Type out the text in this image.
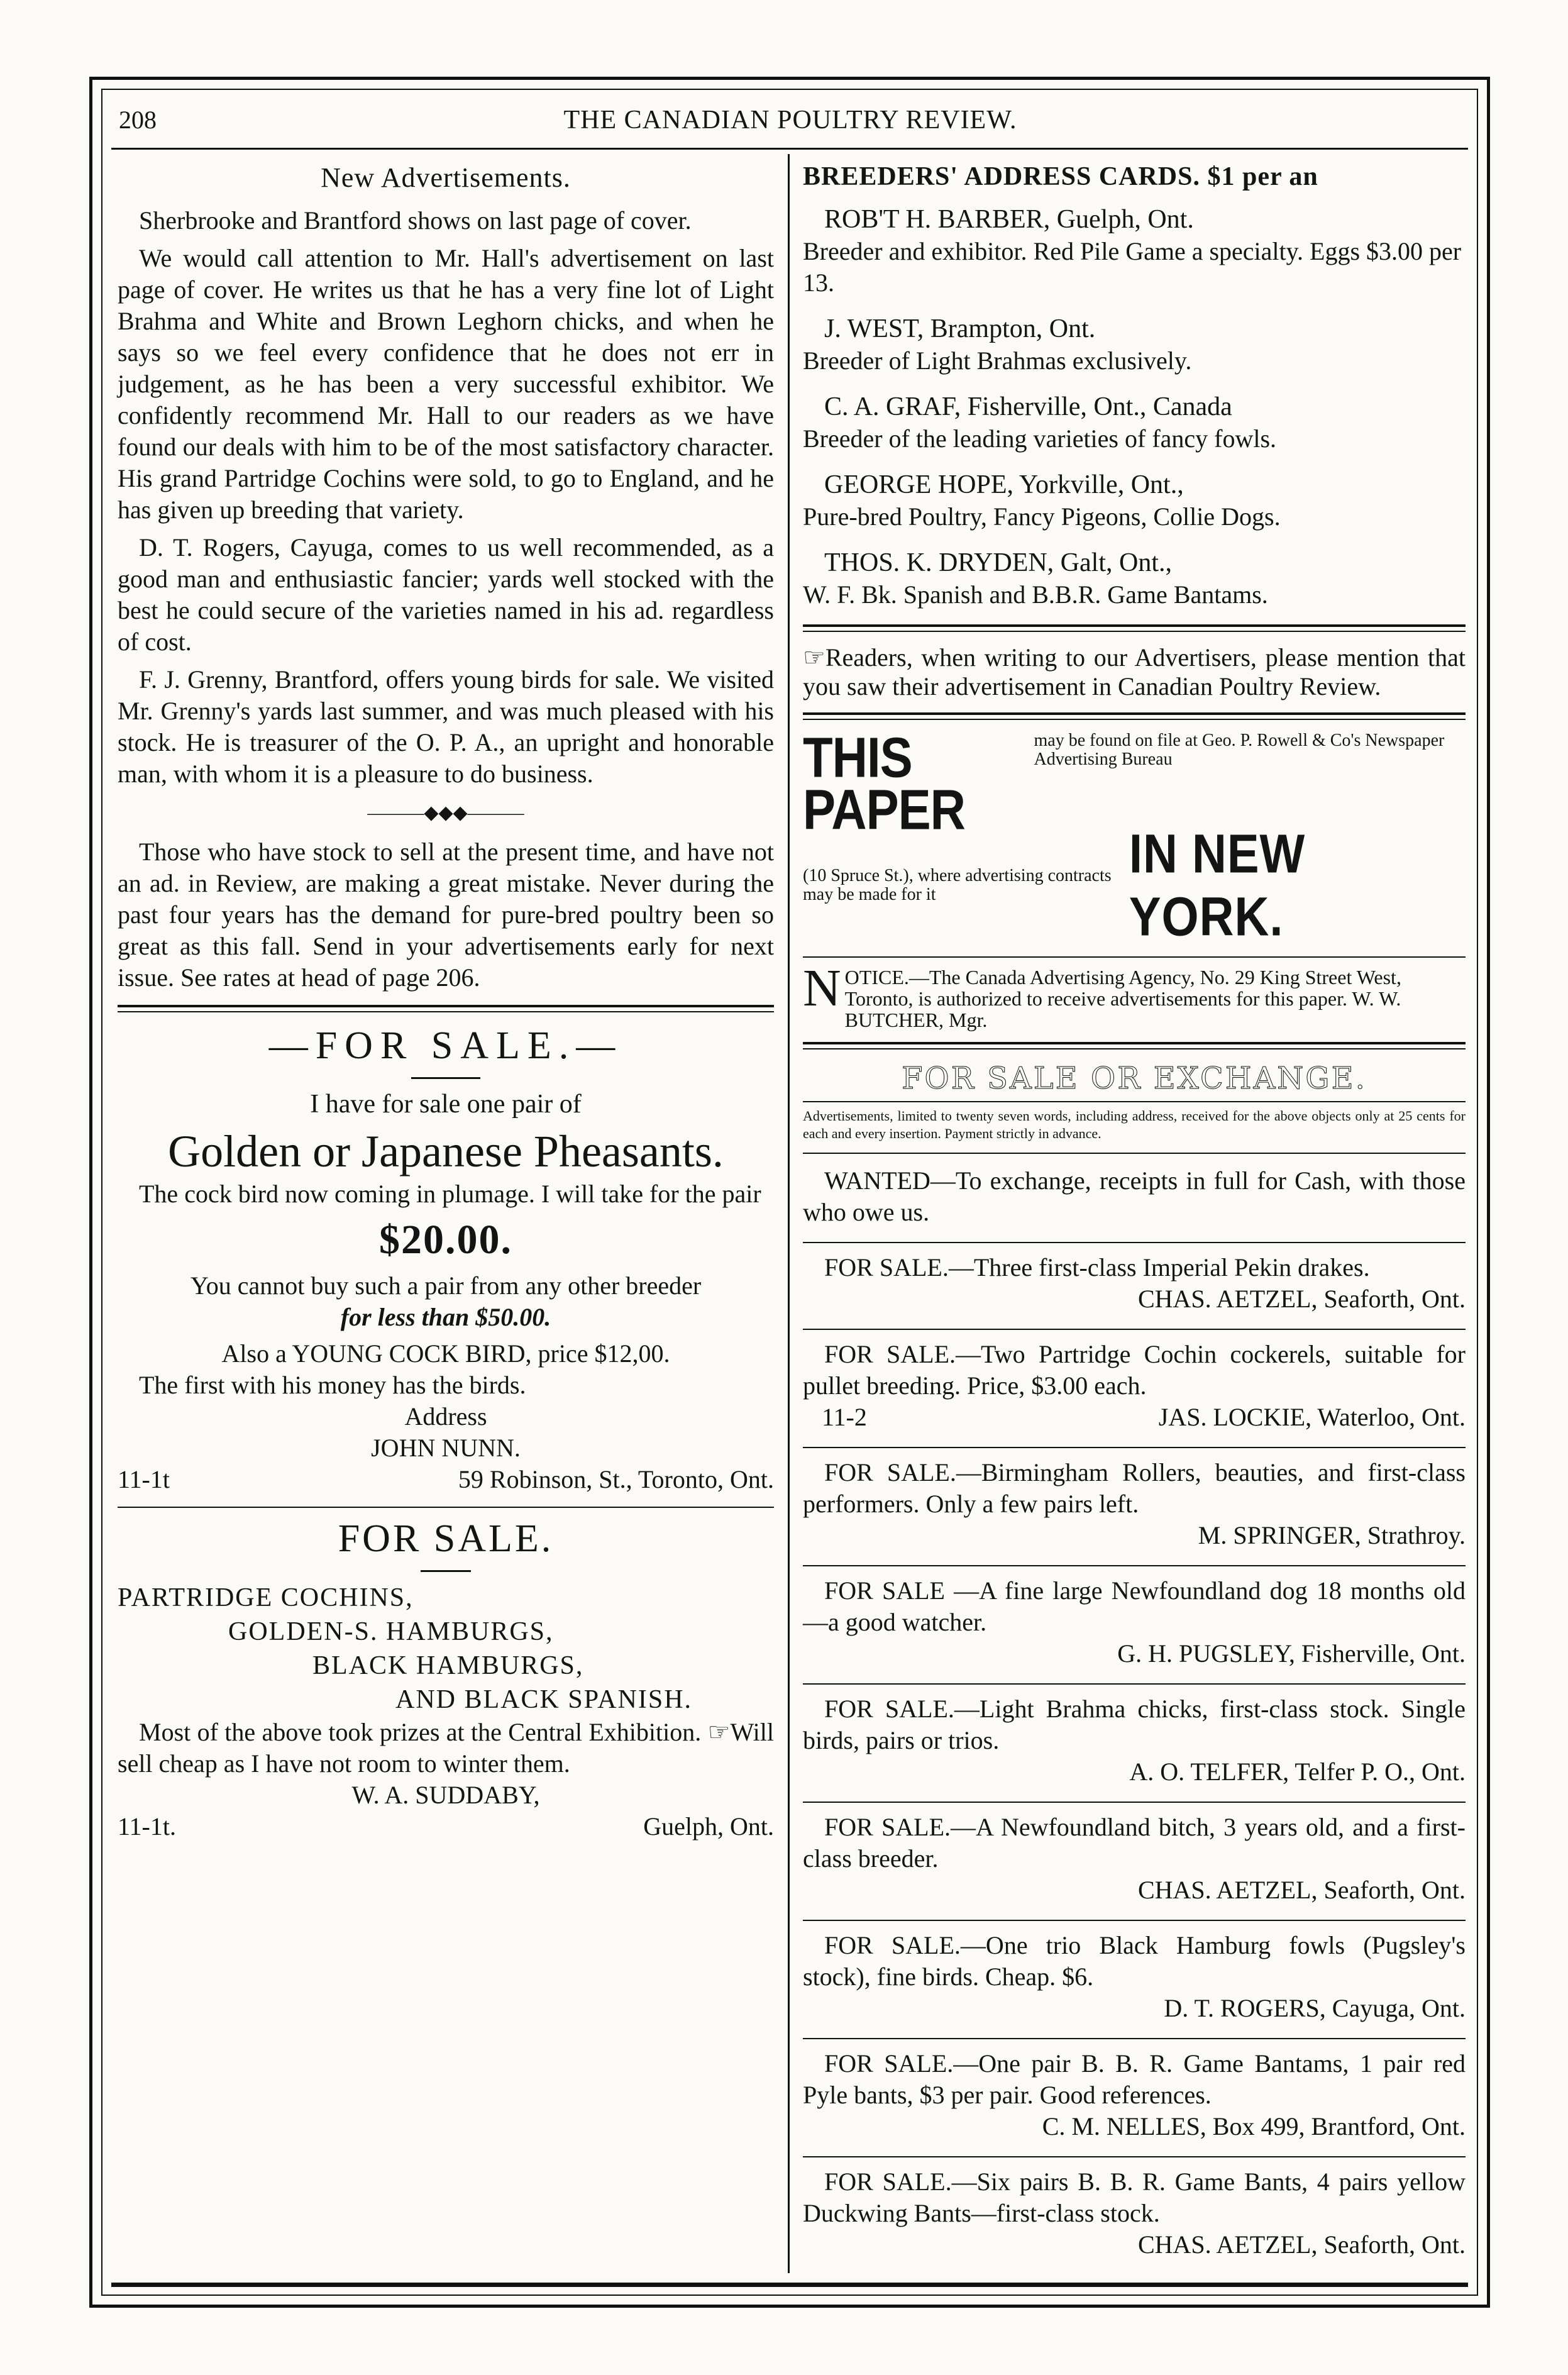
THE CANADIAN POULTRY REVIEW.
208
New Advertisements.

Sherbrooke and Brantford shows on last page of cover.

We would call attention to Mr. Hall's advertisement on last page of cover. He writes us that he has a very fine lot of Light Brahma and White and Brown Leghorn chicks, and when he says so we feel every confidence that he does not err in judgement, as he has been a very successful exhibitor. We confidently recommend Mr. Hall to our readers as we have found our deals with him to be of the most satisfactory character. His grand Partridge Cochins were sold, to go to England, and he has given up breeding that variety.

D. T. Rogers, Cayuga, comes to us well recommended, as a good man and enthusiastic fancier; yards well stocked with the best he could secure of the varieties named in his ad. regardless of cost.

F. J. Grenny, Brantford, offers young birds for sale. We visited Mr. Grenny's yards last summer, and was much pleased with his stock. He is treasurer of the O. P. A., an upright and honorable man, with whom it is a pleasure to do business.

———◆◆◆———

Those who have stock to sell at the present time, and have not an ad. in Review, are making a great mistake. Never during the past four years has the demand for pure-bred poultry been so great as this fall. Send in your advertisements early for next issue. See rates at head of page 206.

—FOR SALE.—
I have for sale one pair of
Golden or Japanese Pheasants.

The cock bird now coming in plumage. I will take for the pair

$20.00.

You cannot buy such a pair from any other breeder

for less than $50.00.

Also a YOUNG COCK BIRD, price $12,00.

The first with his money has the birds.

Address

JOHN NUNN.

11-1t	59 Robinson, St., Toronto, Ont.
FOR SALE.
PARTRIDGE COCHINS,
GOLDEN-S. HAMBURGS,
BLACK HAMBURGS,
AND BLACK SPANISH.

Most of the above took prizes at the Central Exhibition. ☞Will sell cheap as I have not room to winter them.

W. A. SUDDABY,

11-1t.	Guelph, Ont.
BREEDERS' ADDRESS CARDS. $1 per an
ROB'T H. BARBER, Guelph, Ont.
Breeder and exhibitor. Red Pile Game a specialty. Eggs $3.00 per 13.
J. WEST, Brampton, Ont.
Breeder of Light Brahmas exclusively.
C. A. GRAF, Fisherville, Ont., Canada
Breeder of the leading varieties of fancy fowls.
GEORGE HOPE, Yorkville, Ont.,
Pure-bred Poultry, Fancy Pigeons, Collie Dogs.
THOS. K. DRYDEN, Galt, Ont.,
W. F. Bk. Spanish and B.B.R. Game Bantams.

☞Readers, when writing to our Advertisers, please mention that you saw their advertisement in Canadian Poultry Review.

THIS PAPER
may be found on file at Geo. P. Rowell & Co's Newspaper Advertising Bureau
(10 Spruce St.), where advertising contracts may be made for it
IN NEW YORK.
N OTICE.—The Canada Advertising Agency, No. 29 King Street West, Toronto, is authorized to receive advertisements for this paper. W. W. BUTCHER, Mgr.
FOR SALE OR EXCHANGE.

Advertisements, limited to twenty seven words, including address, received for the above objects only at 25 cents for each and every insertion. Payment strictly in advance.

WANTED—To exchange, receipts in full for Cash, with those who owe us.

FOR SALE.—Three first-class Imperial Pekin drakes.

CHAS. AETZEL, Seaforth, Ont.

FOR SALE.—Two Partridge Cochin cockerels, suitable for pullet breeding. Price, $3.00 each.

11-2	JAS. LOCKIE, Waterloo, Ont.

FOR SALE.—Birmingham Rollers, beauties, and first-class performers. Only a few pairs left.

M. SPRINGER, Strathroy.

FOR SALE —A fine large Newfoundland dog 18 months old—a good watcher.

G. H. PUGSLEY, Fisherville, Ont.

FOR SALE.—Light Brahma chicks, first-class stock. Single birds, pairs or trios.

A. O. TELFER, Telfer P. O., Ont.

FOR SALE.—A Newfoundland bitch, 3 years old, and a first-class breeder.

CHAS. AETZEL, Seaforth, Ont.

FOR SALE.—One trio Black Hamburg fowls (Pugsley's stock), fine birds. Cheap. $6.

D. T. ROGERS, Cayuga, Ont.

FOR SALE.—One pair B. B. R. Game Bantams, 1 pair red Pyle bants, $3 per pair. Good references.

C. M. NELLES, Box 499, Brantford, Ont.

FOR SALE.—Six pairs B. B. R. Game Bants, 4 pairs yellow Duckwing Bants—first-class stock.

CHAS. AETZEL, Seaforth, Ont.
